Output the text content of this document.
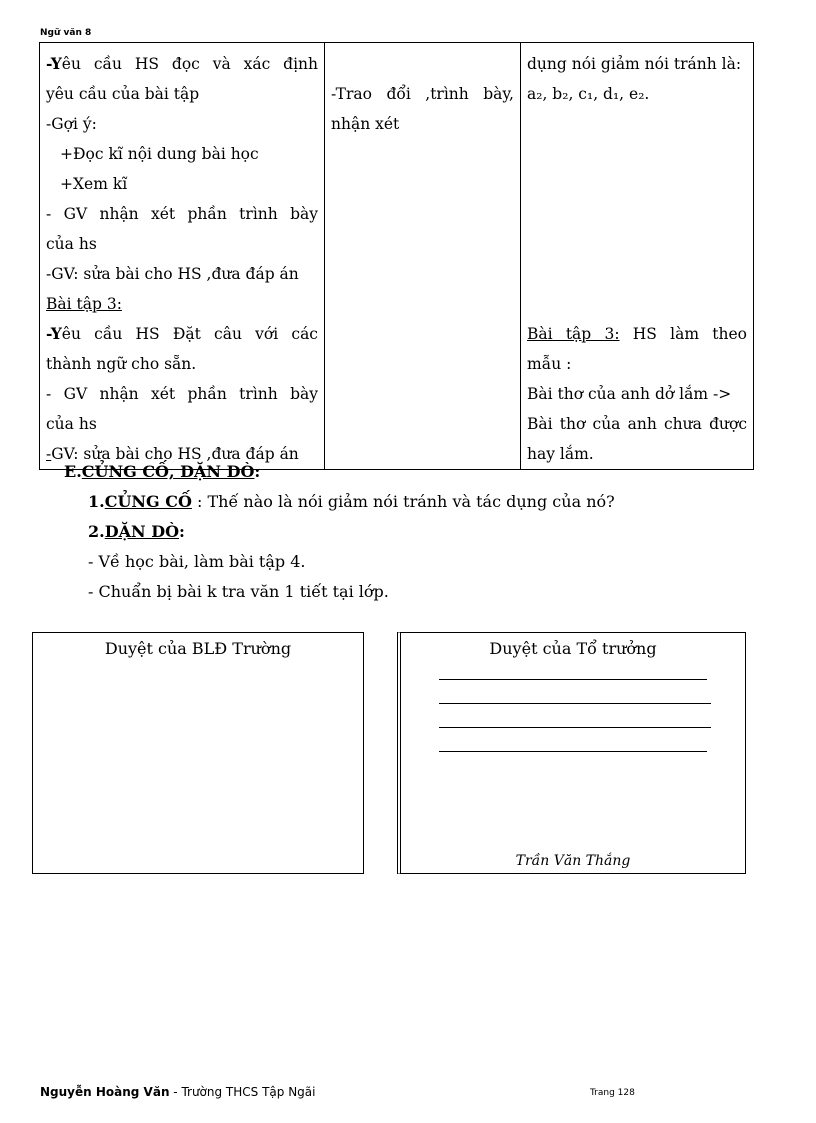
Ngữ văn 8
-Yêu cầu HS đọc và xác định
yêu cầu của bài tập
-Gợi ý:
+Đọc kĩ nội dung bài học
+Xem kĩ
- GV nhận xét phần trình bày
của hs
-GV: sửa bài cho HS ,đưa đáp án
Bài tập 3:
-Yêu cầu HS Đặt câu với các
thành ngữ cho sẵn.
- GV nhận xét phần trình bày
của hs
-GV: sửa bài cho HS ,đưa đáp án

-Trao đổi ,trình bày,
nhận xét

dụng nói giảm nói tránh là:
a₂, b₂, c₁, d₁, e₂.
Bài tập 3: HS làm theo
mẫu :
Bài thơ của anh dở lắm ->
Bài thơ của anh chưa được
hay lắm.
E.CỦNG CỐ, DẶN DÒ:
1.CỦNG CỐ : Thế nào là nói giảm nói tránh và tác dụng của nó?
2.DẶN DÒ:
- Về học bài, làm bài tập 4.
- Chuẩn bị bài k tra văn 1 tiết tại lớp.
Duyệt của BLĐ Trường	Duyệt của Tổ trưởng
Trần Văn Thắng
Nguyễn Hoàng Văn - Trường THCS Tập Ngãi	Trang 128
